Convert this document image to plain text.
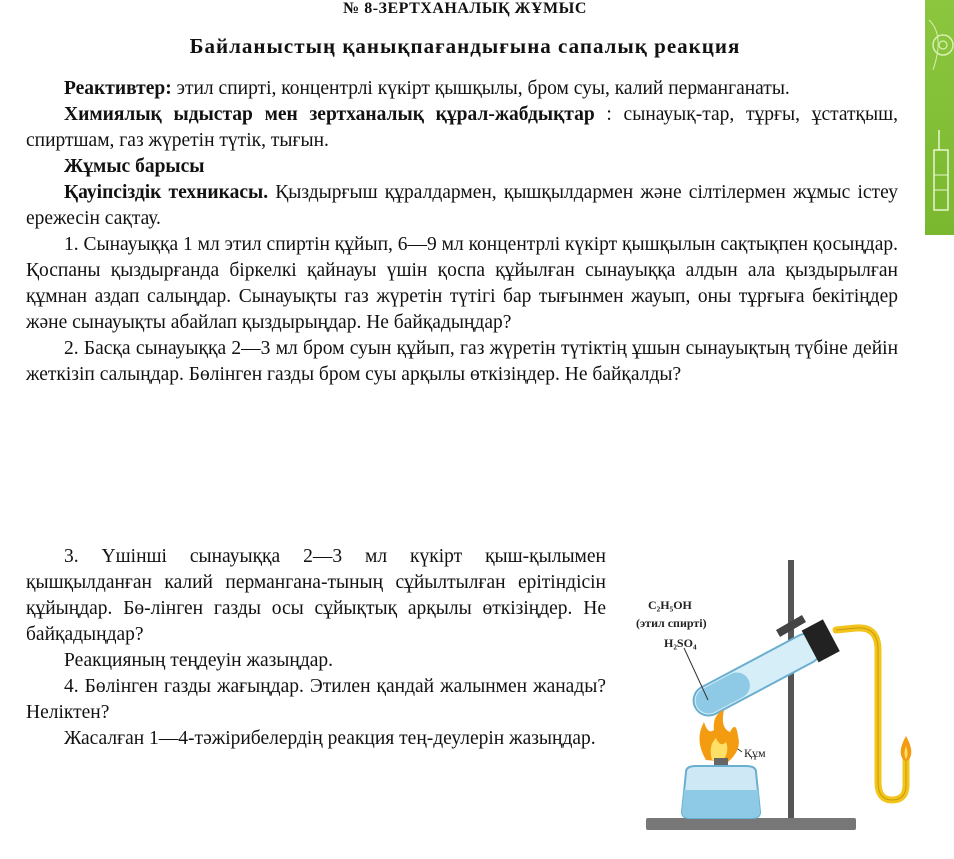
№ 8-ЗЕРТХАНАЛЫҚ ЖҰМЫС
Байланыстың қанықпағандығына сапалық реакция

Реактивтер: этил спирті, концентрлі күкірт қышқылы, бром суы, калий перманганаты.

Химиялық ыдыстар мен зертханалық құрал-жабдықтар : сынауық-тар, тұрғы, ұстатқыш, спиртшам, газ жүретін түтік, тығын.

Жұмыс барысы

Қауіпсіздік техникасы. Қыздырғыш құралдармен, қышқылдармен және сілтілермен жұмыс істеу ережесін сақтау.

1. Сынауыққа 1 мл этил спиртін құйып, 6—9 мл концентрлі күкірт қышқылын сақтықпен қосыңдар. Қоспаны қыздырғанда біркелкі қайнауы үшін қоспа құйылған сынауыққа алдын ала қыздырылған құмнан аздап салыңдар. Сынауықты газ жүретін түтігі бар тығынмен жауып, оны тұрғыға бекітіңдер және сынауықты абайлап қыздырыңдар. Не байқадыңдар?

2. Басқа сынауыққа 2—3 мл бром суын құйып, газ жүретін түтіктің ұшын сынауықтың түбіне дейін жеткізіп салыңдар. Бөлінген газды бром суы арқылы өткізіңдер. Не байқалды?

3. Үшінші сынауыққа 2—3 мл күкірт қыш-қылымен қышқылданған калий пермангана-тының сұйылтылған ерітіндісін құйыңдар. Бө-лінген газды осы сұйықтық арқылы өткізіңдер. Не байқадыңдар?

Реакцияның теңдеуін жазыңдар.

4. Бөлінген газды жағыңдар. Этилен қандай жалынмен жанады? Неліктен?

Жасалған 1—4-тәжірибелердің реакция тең-деулерін жазыңдар.

C₂H₅OH
(этил спирті)
H₂SO₄
Құм
